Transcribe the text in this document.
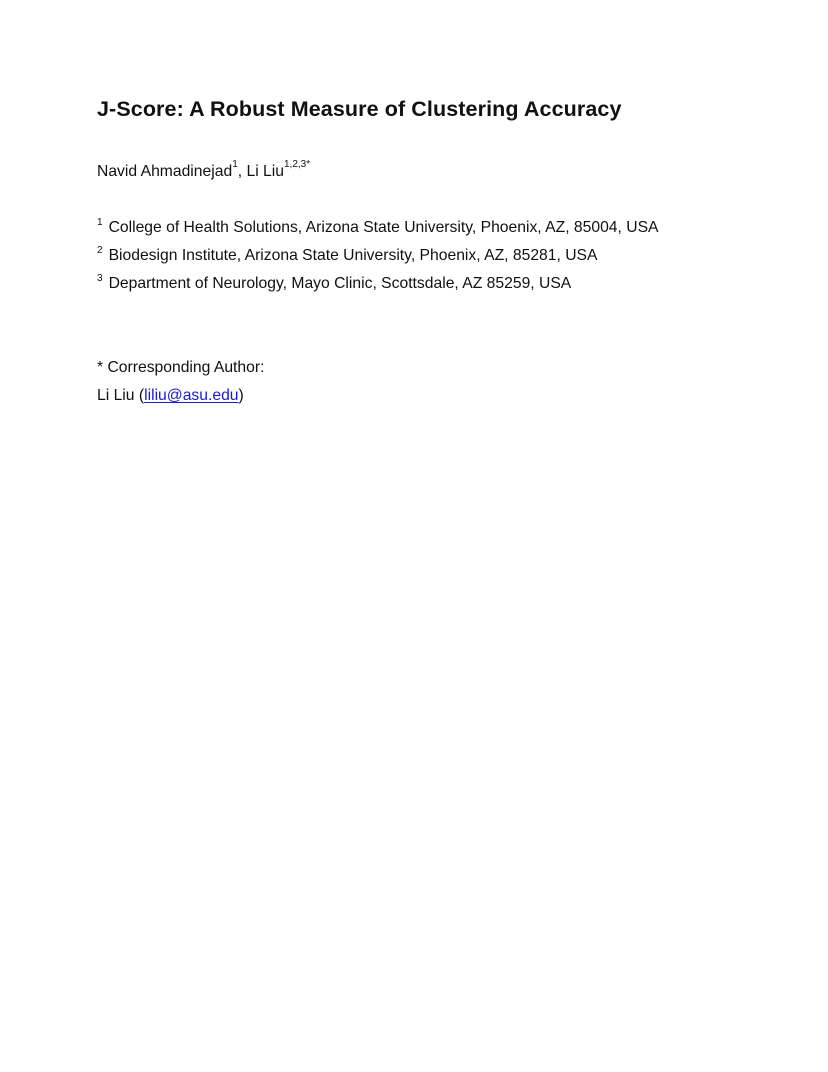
J-Score: A Robust Measure of Clustering Accuracy
Navid Ahmadinejad$^1$, Li Liu$^{1,2,3*}$
$^1$ College of Health Solutions, Arizona State University, Phoenix, AZ, 85004, USA
$^2$ Biodesign Institute, Arizona State University, Phoenix, AZ, 85281, USA
$^3$ Department of Neurology, Mayo Clinic, Scottsdale, AZ 85259, USA
* Corresponding Author:
Li Liu (liliu@asu.edu)
